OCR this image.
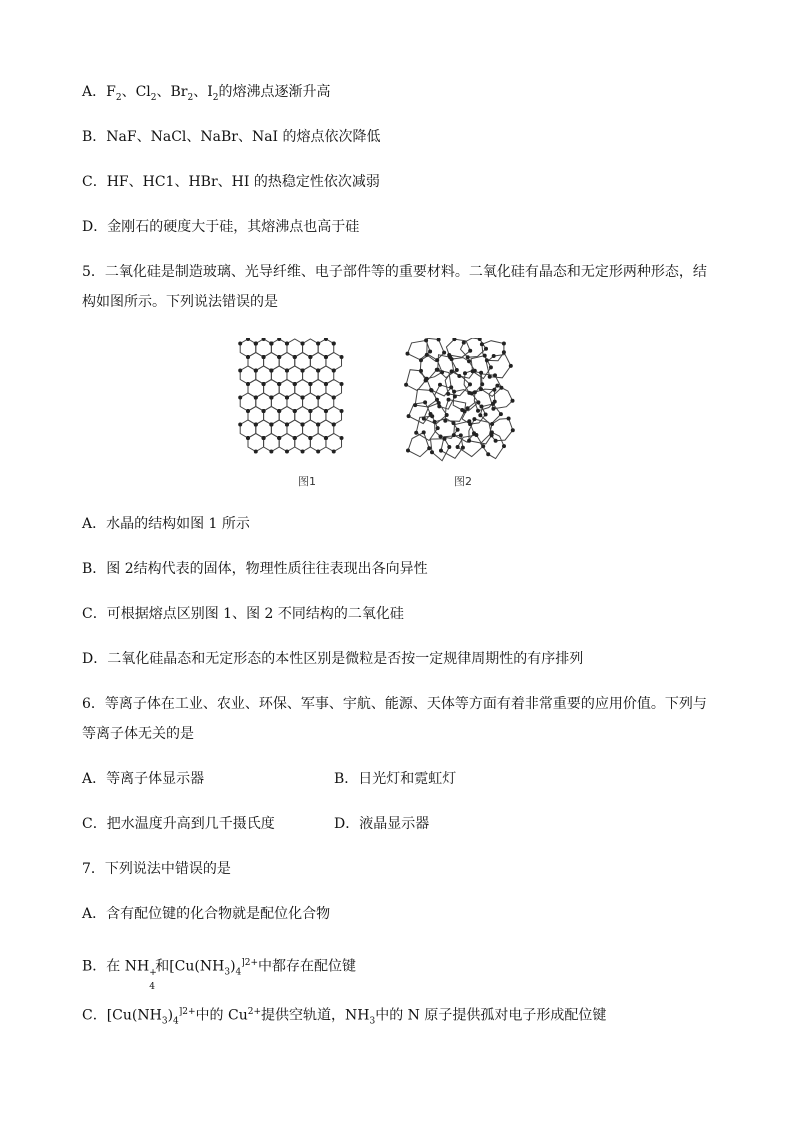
A．$F_2$、$Cl_2$、$Br_2$、$I_2$的熔沸点逐渐升高
B．NaF、NaCl、NaBr、NaI 的熔点依次降低
C．HF、HC1、HBr、HI 的热稳定性依次减弱
D．金刚石的硬度大于硅，其熔沸点也高于硅
5．二氧化硅是制造玻璃、光导纤维、电子部件等的重要材料。二氧化硅有晶态和无定形两种形态，结
构如图所示。下列说法错误的是
图1	图2
A．水晶的结构如图 1 所示
B．图 2结构代表的固体，物理性质往往表现出各向异性
C．可根据熔点区别图 1、图 2 不同结构的二氧化硅
D．二氧化硅晶态和无定形态的本性区别是微粒是否按一定规律周期性的有序排列
6．等离子体在工业、农业、环保、军事、宇航、能源、天体等方面有着非常重要的应用价值。下列与
等离子体无关的是
A．等离子体显示器	B．日光灯和霓虹灯
C．把水温度升高到几千摄氏度	D．液晶显示器
7．下列说法中错误的是
A．含有配位键的化合物就是配位化合物
B．在 NH +
4
和[$Cu(NH_3)_4^{]2+}$中都存在配位键
C．[$Cu(NH_3)_4^{]2+}$中的 $Cu^{2+}$提供空轨道，$NH_3$中的 N 原子提供孤对电子形成配位键
